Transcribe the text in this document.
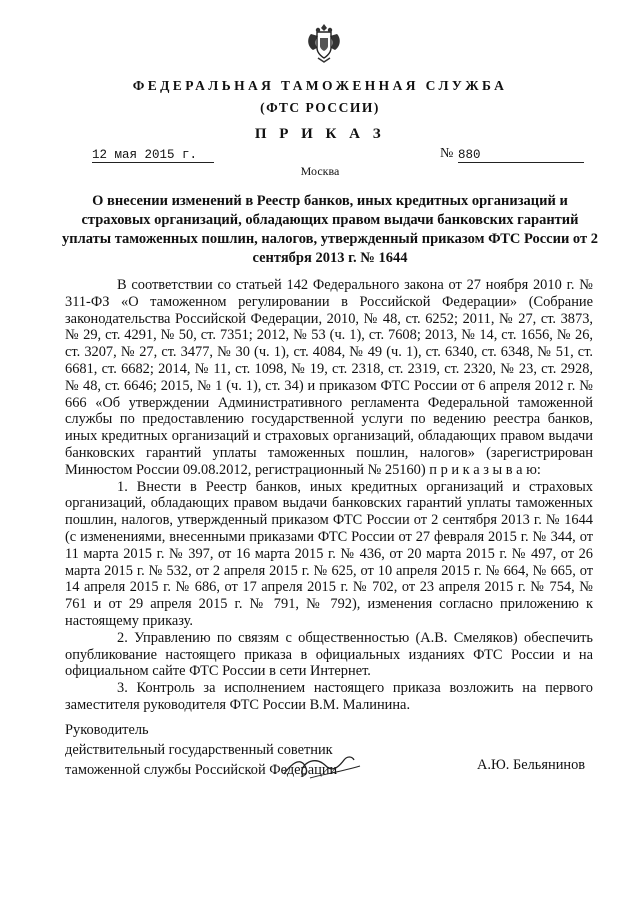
ФЕДЕРАЛЬНАЯ ТАМОЖЕННАЯ СЛУЖБА
(ФТС РОССИИ)
П Р И К А З
12 мая 2015 г.	№ 880
Москва
О внесении изменений в Реестр банков, иных кредитных организаций и страховых организаций, обладающих правом выдачи банковских гарантий уплаты таможенных пошлин, налогов, утвержденный приказом ФТС России от 2 сентября 2013 г. № 1644

В соответствии со статьей 142 Федерального закона от 27 ноября 2010 г. № 311-ФЗ «О таможенном регулировании в Российской Федерации» (Собрание законодательства Российской Федерации, 2010, № 48, ст. 6252; 2011, № 27, ст. 3873, № 29, ст. 4291, № 50, ст. 7351; 2012, № 53 (ч. 1), ст. 7608; 2013, № 14, ст. 1656, № 26, ст. 3207, № 27, ст. 3477, № 30 (ч. 1), ст. 4084, № 49 (ч. 1), ст. 6340, ст. 6348, № 51, ст. 6681, ст. 6682; 2014, № 11, ст. 1098, № 19, ст. 2318, ст. 2319, ст. 2320, № 23, ст. 2928, № 48, ст. 6646; 2015, № 1 (ч. 1), ст. 34) и приказом ФТС России от 6 апреля 2012 г. № 666 «Об утверждении Административного регламента Федеральной таможенной службы по предоставлению государственной услуги по ведению реестра банков, иных кредитных организаций и страховых организаций, обладающих правом выдачи банковских гарантий уплаты таможенных пошлин, налогов» (зарегистрирован Минюстом России 09.08.2012, регистрационный № 25160) п р и к а з ы в а ю:

1. Внести в Реестр банков, иных кредитных организаций и страховых организаций, обладающих правом выдачи банковских гарантий уплаты таможенных пошлин, налогов, утвержденный приказом ФТС России от 2 сентября 2013 г. № 1644 (с изменениями, внесенными приказами ФТС России от 27 февраля 2015 г. № 344, от 11 марта 2015 г. № 397, от 16 марта 2015 г. № 436, от 20 марта 2015 г. № 497, от 26 марта 2015 г. № 532, от 2 апреля 2015 г. № 625, от 10 апреля 2015 г. № 664, № 665, от 14 апреля 2015 г. № 686, от 17 апреля 2015 г. № 702, от 23 апреля 2015 г. № 754, № 761 и от 29 апреля 2015 г. № 791, № 792), изменения согласно приложению к настоящему приказу.

2. Управлению по связям с общественностью (А.В. Смеляков) обеспечить опубликование настоящего приказа в официальных изданиях ФТС России и на официальном сайте ФТС России в сети Интернет.

3. Контроль за исполнением настоящего приказа возложить на первого заместителя руководителя ФТС России В.М. Малинина.

Руководитель
действительный государственный советник
таможенной службы Российской Федерации	А.Ю. Бельянинов
